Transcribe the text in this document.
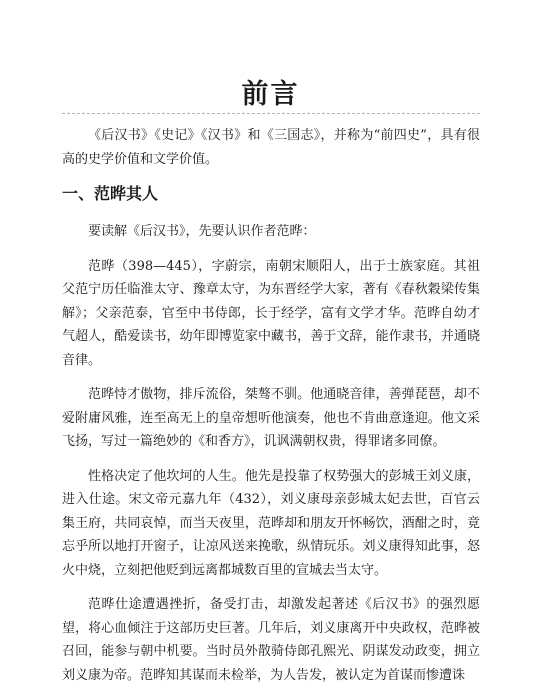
前言

《后汉书》《史记》《汉书》和《三国志》，并称为“前四史”，具有很高的史学价值和文学价值。

一、范晔其人

要读解《后汉书》，先要认识作者范晔：

范晔（398—445），字蔚宗，南朝宋顺阳人，出于士族家庭。其祖父范宁历任临淮太守、豫章太守，为东晋经学大家，著有《春秋穀梁传集解》；父亲范泰，官至中书侍郎，长于经学，富有文学才华。范晔自幼才气超人，酷爱读书，幼年即博览家中藏书，善于文辞，能作隶书，并通晓音律。

范晔恃才傲物，排斥流俗，桀骜不驯。他通晓音律，善弹琵琶，却不爱附庸风雅，连至高无上的皇帝想听他演奏，他也不肯曲意逢迎。他文采飞扬，写过一篇绝妙的《和香方》，讥讽满朝权贵，得罪诸多同僚。

性格决定了他坎坷的人生。他先是投靠了权势强大的彭城王刘义康，进入仕途。宋文帝元嘉九年（432），刘义康母亲彭城太妃去世，百官云集王府，共同哀悼，而当天夜里，范晔却和朋友开怀畅饮，酒酣之时，竟忘乎所以地打开窗子，让凉风送来挽歌，纵情玩乐。刘义康得知此事，怒火中烧，立刻把他贬到远离都城数百里的宣城去当太守。

范晔仕途遭遇挫折，备受打击，却激发起著述《后汉书》的强烈愿望，将心血倾注于这部历史巨著。几年后，刘义康离开中央政权，范晔被召回，能参与朝中机要。当时员外散骑侍郎孔熙光、阴谋发动政变，拥立刘义康为帝。范晔知其谋而未检举，为人告发，被认定为首谋而惨遭诛
